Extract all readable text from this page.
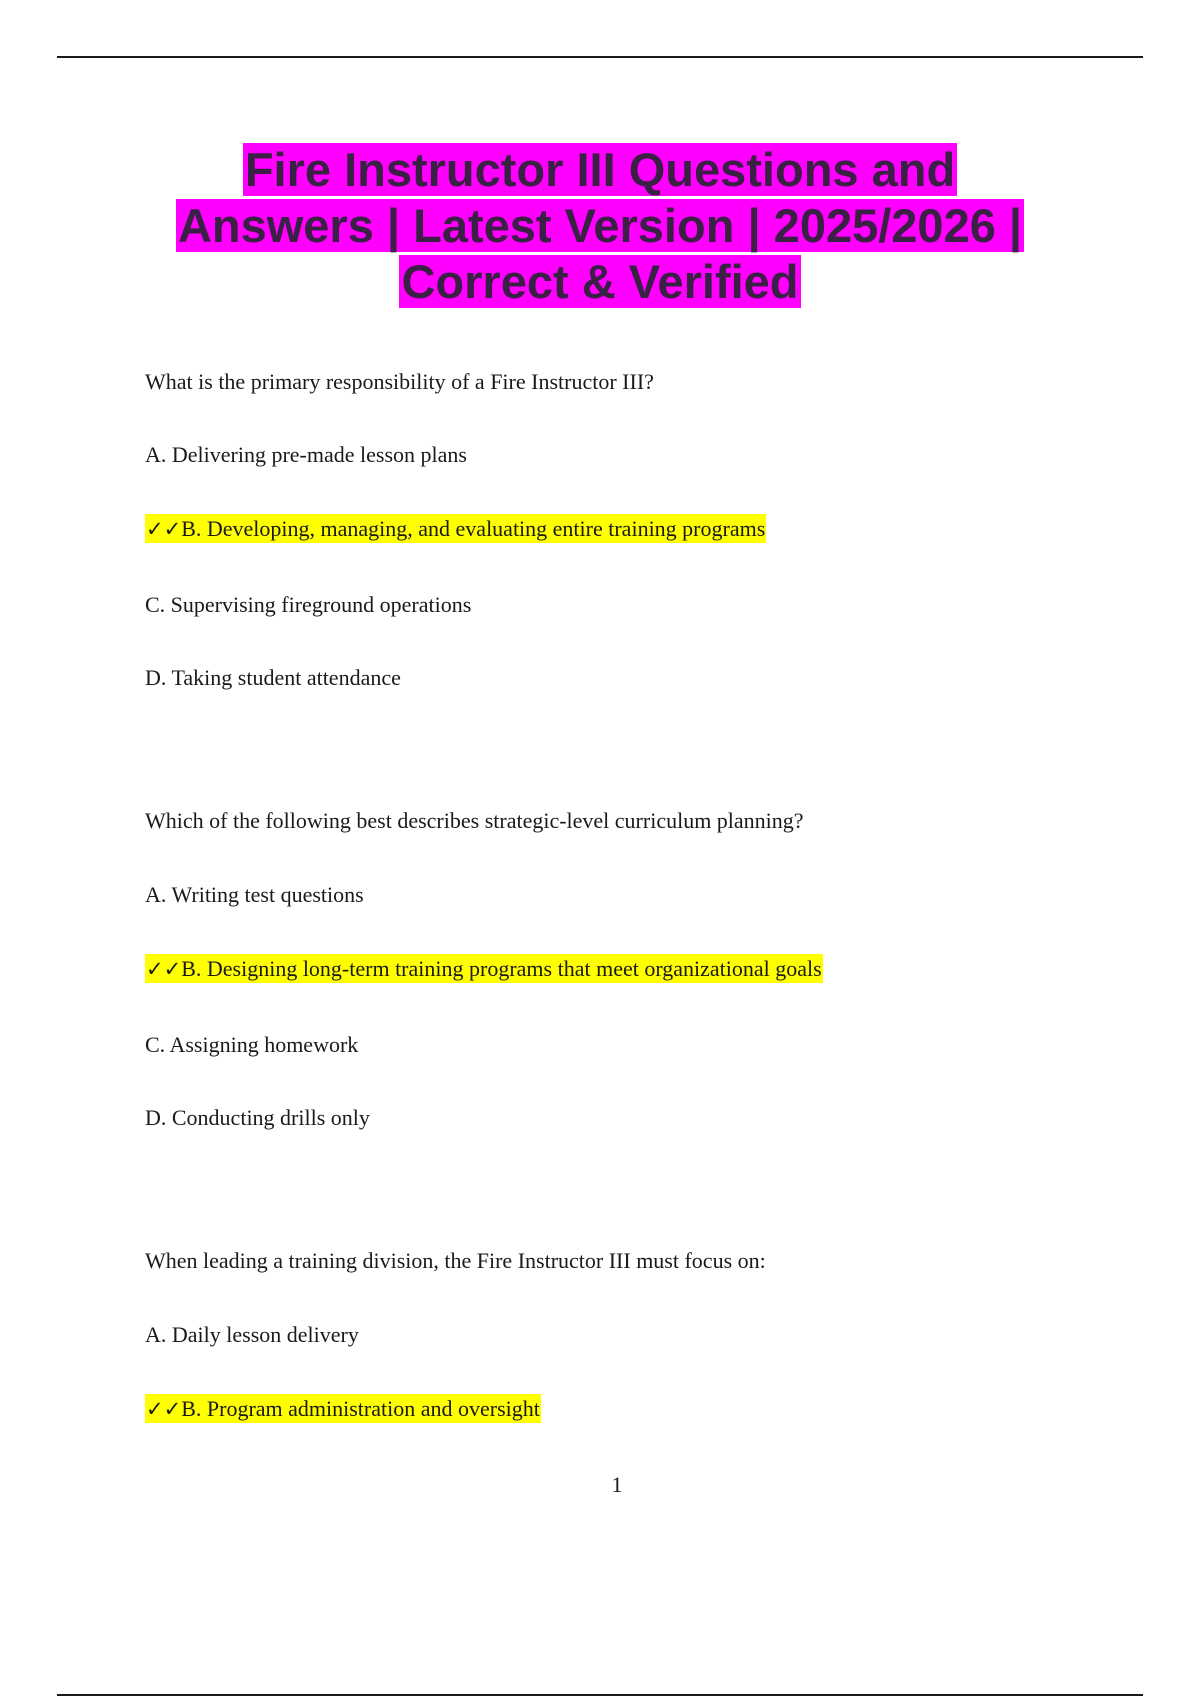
Fire Instructor III Questions and
Answers | Latest Version | 2025/2026 |
Correct & Verified

What is the primary responsibility of a Fire Instructor III?

A. Delivering pre-made lesson plans

✓✓B. Developing, managing, and evaluating entire training programs

C. Supervising fireground operations

D. Taking student attendance

Which of the following best describes strategic-level curriculum planning?

A. Writing test questions

✓✓B. Designing long-term training programs that meet organizational goals

C. Assigning homework

D. Conducting drills only

When leading a training division, the Fire Instructor III must focus on:

A. Daily lesson delivery

✓✓B. Program administration and oversight

1
